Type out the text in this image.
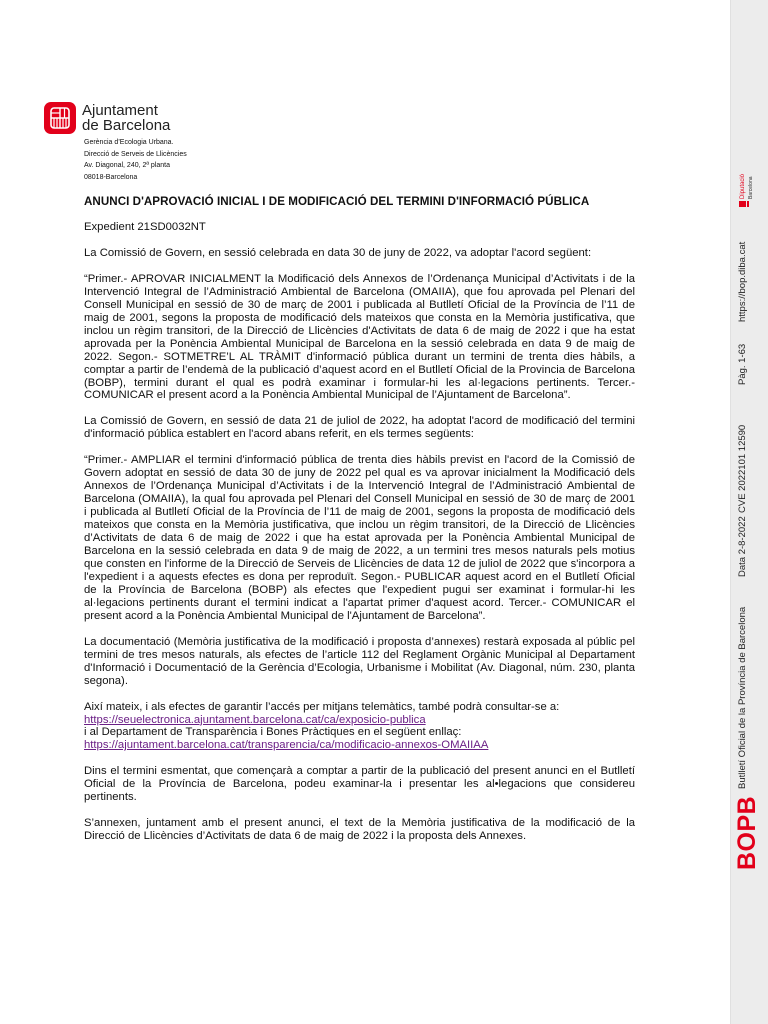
Ajuntament
de Barcelona
Gerència d’Ecologia Urbana.
Direcció de Serveis de Llicències
Av. Diagonal, 240, 2ª planta
08018-Barcelona
ANUNCI D'APROVACIÓ INICIAL I DE MODIFICACIÓ DEL TERMINI D'INFORMACIÓ PÚBLICA

Expedient 21SD0032NT

La Comissió de Govern, en sessió celebrada en data 30 de juny de 2022, va adoptar l'acord següent:

“Primer.- APROVAR INICIALMENT la Modificació dels Annexos de l’Ordenança Municipal d’Activitats i de la Intervenció Integral de l’Administració Ambiental de Barcelona (OMAIIA), que fou aprovada pel Plenari del Consell Municipal en sessió de 30 de març de 2001 i publicada al Butlletí Oficial de la Província de l’11 de maig de 2001, segons la proposta de modificació dels mateixos que consta en la Memòria justificativa, que inclou un règim transitori, de la Direcció de Llicències d'Activitats de data 6 de maig de 2022 i que ha estat aprovada per la Ponència Ambiental Municipal de Barcelona en la sessió celebrada en data 9 de maig de 2022. Segon.- SOTMETRE’L AL TRÀMIT d'informació pública durant un termini de trenta dies hàbils, a comptar a partir de l’endemà de la publicació d’aquest acord en el Butlletí Oficial de la Provincia de Barcelona (BOBP), termini durant el qual es podrà examinar i formular-hi les al·legacions pertinents. Tercer.- COMUNICAR el present acord a la Ponència Ambiental Municipal de l’Ajuntament de Barcelona”.

La Comissió de Govern, en sessió de data 21 de juliol de 2022, ha adoptat l'acord de modificació del termini d'informació pública establert en l'acord abans referit, en els termes següents:

“Primer.- AMPLIAR el termini d'informació pública de trenta dies hàbils previst en l'acord de la Comissió de Govern adoptat en sessió de data 30 de juny de 2022 pel qual es va aprovar inicialment la Modificació dels Annexos de l’Ordenança Municipal d’Activitats i de la Intervenció Integral de l’Administració Ambiental de Barcelona (OMAIIA), la qual fou aprovada pel Plenari del Consell Municipal en sessió de 30 de març de 2001 i publicada al Butlletí Oficial de la Província de l’11 de maig de 2001, segons la proposta de modificació dels mateixos que consta en la Memòria justificativa, que inclou un règim transitori, de la Direcció de Llicències d’Activitats de data 6 de maig de 2022 i que ha estat aprovada per la Ponència Ambiental Municipal de Barcelona en la sessió celebrada en data 9 de maig de 2022, a un termini tres mesos naturals pels motius que consten en l'informe de la Direcció de Serveis de Llicències de data 12 de juliol de 2022 que s'incorpora a l'expedient i a aquests efectes es dona per reproduït. Segon.- PUBLICAR aquest acord en el Butlletí Oficial de la Província de Barcelona (BOBP) als efectes que l'expedient pugui ser examinat i formular-hi les al·legacions pertinents durant el termini indicat a l'apartat primer d'aquest acord. Tercer.- COMUNICAR el present acord a la Ponència Ambiental Municipal de l'Ajuntament de Barcelona”.

La documentació (Memòria justificativa de la modificació i proposta d’annexes) restarà exposada al públic pel termini de tres mesos naturals, als efectes de l’article 112 del Reglament Orgànic Municipal al Departament d'Informació i Documentació de la Gerència d’Ecologia, Urbanisme i Mobilitat (Av. Diagonal, núm. 230, planta segona).

Així mateix, i als efectes de garantir l’accés per mitjans telemàtics, també podrà consultar-se a:
https://seuelectronica.ajuntament.barcelona.cat/ca/exposicio-publica
i al Departament de Transparència i Bones Pràctiques en el següent enllaç:
https://ajuntament.barcelona.cat/transparencia/ca/modificacio-annexos-OMAIIAA

Dins el termini esmentat, que començarà a comptar a partir de la publicació del present anunci en el Butlletí Oficial de la Província de Barcelona, podeu examinar-la i presentar les al•legacions que considereu pertinents.

S’annexen, juntament amb el present anunci, el text de la Memòria justificativa de la modificació de la Direcció de Llicències d’Activitats de data 6 de maig de 2022 i la proposta dels Annexes.

Diputació Barcelona
BOPB
Butlletí Oficial de la Província de Barcelona
Data 2-8-2022
CVE 2022101 12590
Pàg. 1-63
https://bop.diba.cat
